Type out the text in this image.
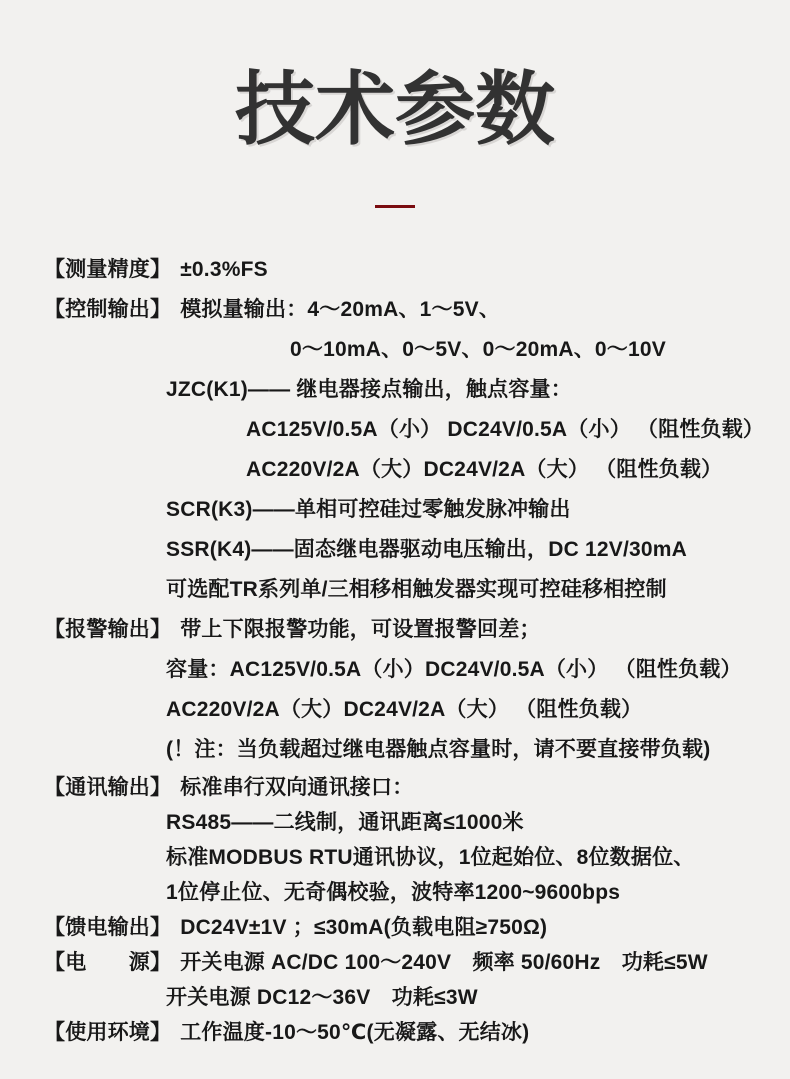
技术参数
【测量精度】 ±0.3%FS
【控制输出】 模拟量输出：4～20mA、1～5V、
0～10mA、0～5V、0～20mA、0～10V
JZC(K1)—— 继电器接点输出，触点容量：
AC125V/0.5A（小） DC24V/0.5A（小） （阻性负载）
AC220V/2A（大）DC24V/2A（大） （阻性负载）
SCR(K3)——单相可控硅过零触发脉冲输出
SSR(K4)——固态继电器驱动电压输出，DC 12V/30mA
可选配TR系列单/三相移相触发器实现可控硅移相控制
【报警输出】 带上下限报警功能，可设置报警回差；
容量：AC125V/0.5A（小）DC24V/0.5A（小） （阻性负载）
AC220V/2A（大）DC24V/2A（大） （阻性负载）
(！注：当负载超过继电器触点容量时，请不要直接带负载)
【通讯输出】 标准串行双向通讯接口：
RS485——二线制，通讯距离≤1000米
标准MODBUS RTU通讯协议，1位起始位、8位数据位、
1位停止位、无奇偶校验，波特率1200~9600bps
【馈电输出】 DC24V±1V ；≤30mA(负载电阻≥750Ω)
【电　　源】 开关电源 AC/DC 100～240V　频率 50/60Hz　功耗≤5W
开关电源 DC12～36V　功耗≤3W
【使用环境】 工作温度-10～50℃(无凝露、无结冰)
